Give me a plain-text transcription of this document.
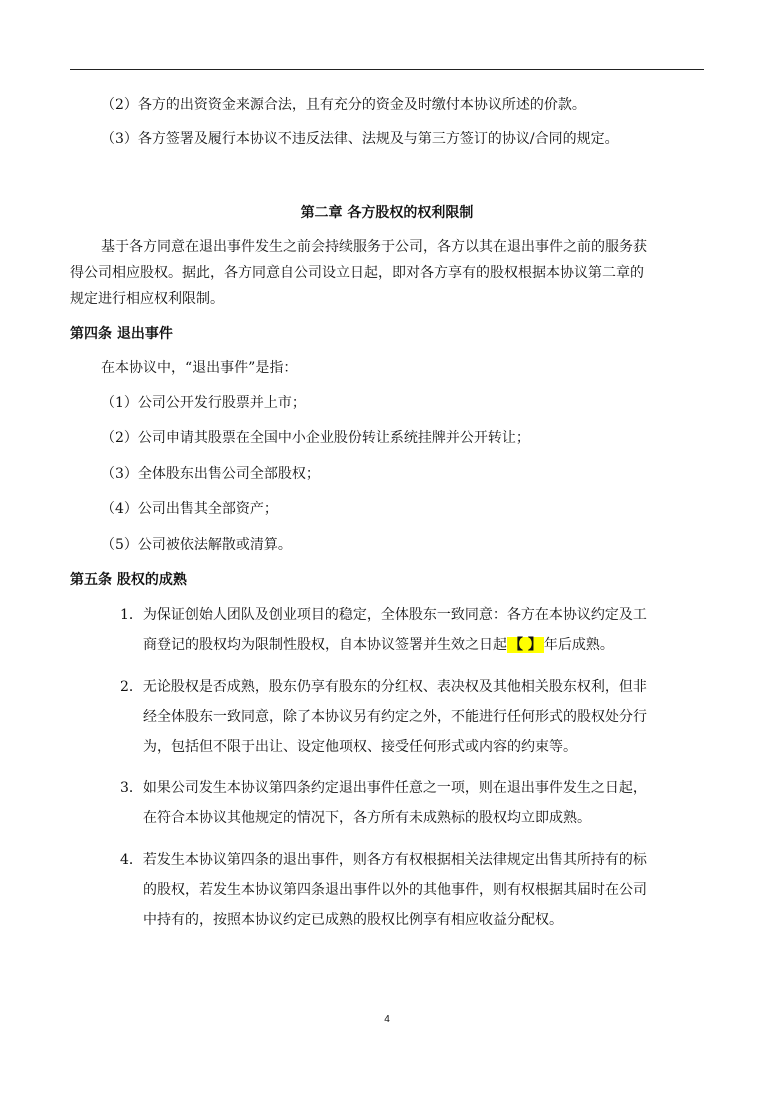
（2）各方的出资资金来源合法，且有充分的资金及时缴付本协议所述的价款。
（3）各方签署及履行本协议不违反法律、法规及与第三方签订的协议/合同的规定。
第二章 各方股权的权利限制
基于各方同意在退出事件发生之前会持续服务于公司，各方以其在退出事件之前的服务获
得公司相应股权。据此，各方同意自公司设立日起，即对各方享有的股权根据本协议第二章的
规定进行相应权利限制。
第四条 退出事件
在本协议中，“退出事件”是指：
（1）公司公开发行股票并上市；
（2）公司申请其股票在全国中小企业股份转让系统挂牌并公开转让；
（3）全体股东出售公司全部股权；
（4）公司出售其全部资产；
（5）公司被依法解散或清算。
第五条 股权的成熟
1．为保证创始人团队及创业项目的稳定，全体股东一致同意：各方在本协议约定及工
商登记的股权均为限制性股权，自本协议签署并生效之日起 【 】 年后成熟。
2．无论股权是否成熟，股东仍享有股东的分红权、表决权及其他相关股东权利，但非
经全体股东一致同意，除了本协议另有约定之外，不能进行任何形式的股权处分行
为，包括但不限于出让、设定他项权、接受任何形式或内容的约束等。
3．如果公司发生本协议第四条约定退出事件任意之一项，则在退出事件发生之日起，
在符合本协议其他规定的情况下，各方所有未成熟标的股权均立即成熟。
4．若发生本协议第四条的退出事件，则各方有权根据相关法律规定出售其所持有的标
的股权，若发生本协议第四条退出事件以外的其他事件，则有权根据其届时在公司
中持有的，按照本协议约定已成熟的股权比例享有相应收益分配权。
4
